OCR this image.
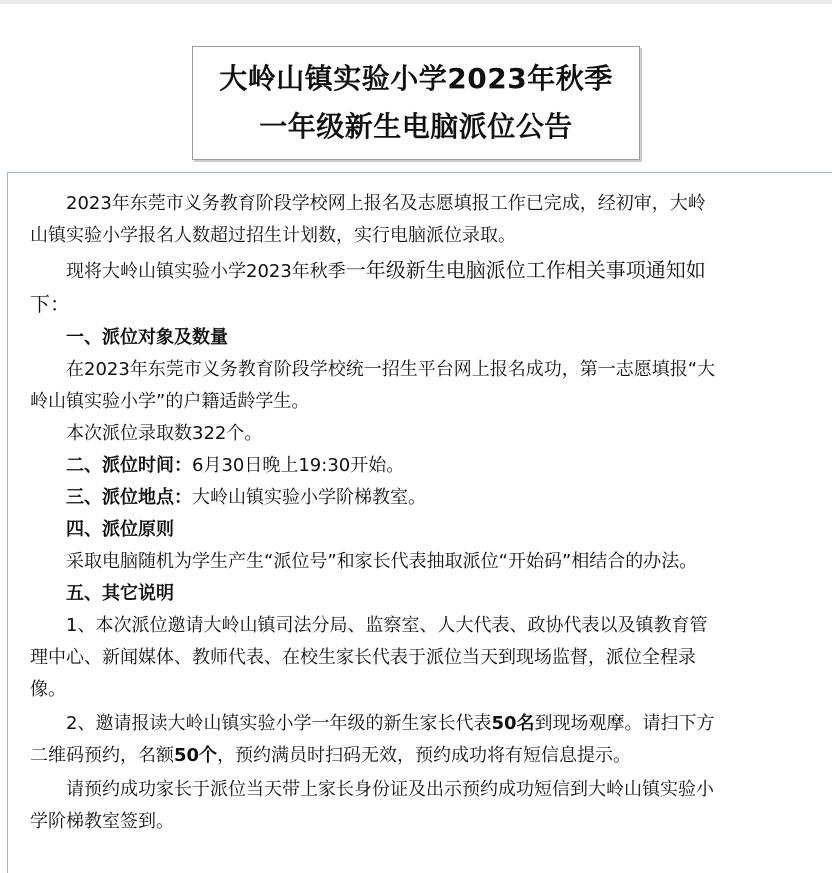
大岭山镇实验小学2023年秋季
一年级新生电脑派位公告

2023年东莞市义务教育阶段学校网上报名及志愿填报工作已完成，经初审，大岭

山镇实验小学报名人数超过招生计划数，实行电脑派位录取。

现将大岭山镇实验小学2023年秋季一年级新生电脑派位工作相关事项通知如

下：

一、派位对象及数量

在2023年东莞市义务教育阶段学校统一招生平台网上报名成功，第一志愿填报“大

岭山镇实验小学”的户籍适龄学生。

本次派位录取数322个。

二、派位时间：6月30日晚上19:30开始。

三、派位地点：大岭山镇实验小学阶梯教室。

四、派位原则

采取电脑随机为学生产生“派位号”和家长代表抽取派位“开始码”相结合的办法。

五、其它说明

1、本次派位邀请大岭山镇司法分局、监察室、人大代表、政协代表以及镇教育管

理中心、新闻媒体、教师代表、在校生家长代表于派位当天到现场监督，派位全程录

像。

2、邀请报读大岭山镇实验小学一年级的新生家长代表50名到现场观摩。请扫下方

二维码预约，名额50个，预约满员时扫码无效，预约成功将有短信息提示。

请预约成功家长于派位当天带上家长身份证及出示预约成功短信到大岭山镇实验小

学阶梯教室签到。
